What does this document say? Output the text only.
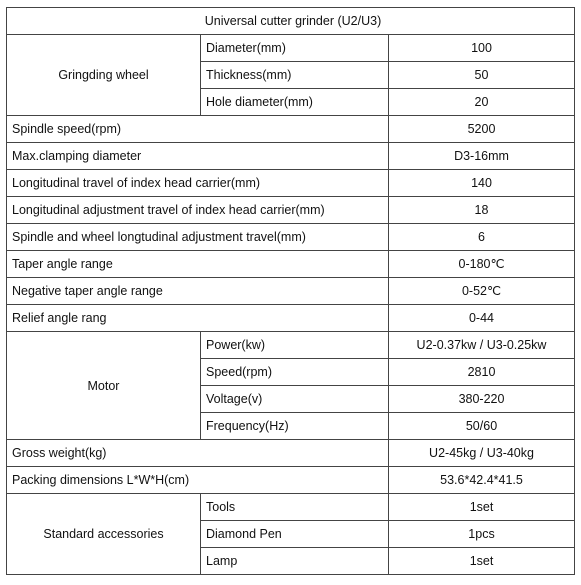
Universal cutter grinder (U2/U3)		
Gringding wheel	Diameter(mm)	100
	Thickness(mm)	50
	Hole diameter(mm)	20
Spindle speed(rpm)		5200
Max.clamping diameter		D3-16mm
Longitudinal travel of index head carrier(mm)		140
Longitudinal adjustment travel of index head carrier(mm)		18
Spindle and wheel longtudinal adjustment travel(mm)		6
Taper angle range		0-180℃
Negative taper angle range		0-52℃
Relief angle rang		0-44
Motor	Power(kw)	U2-0.37kw / U3-0.25kw
	Speed(rpm)	2810
	Voltage(v)	380-220
	Frequency(Hz)	50/60
Gross weight(kg)		U2-45kg / U3-40kg
Packing dimensions L*W*H(cm)		53.6*42.4*41.5
Standard accessories	Tools	1set
	Diamond Pen	1pcs
	Lamp	1set
